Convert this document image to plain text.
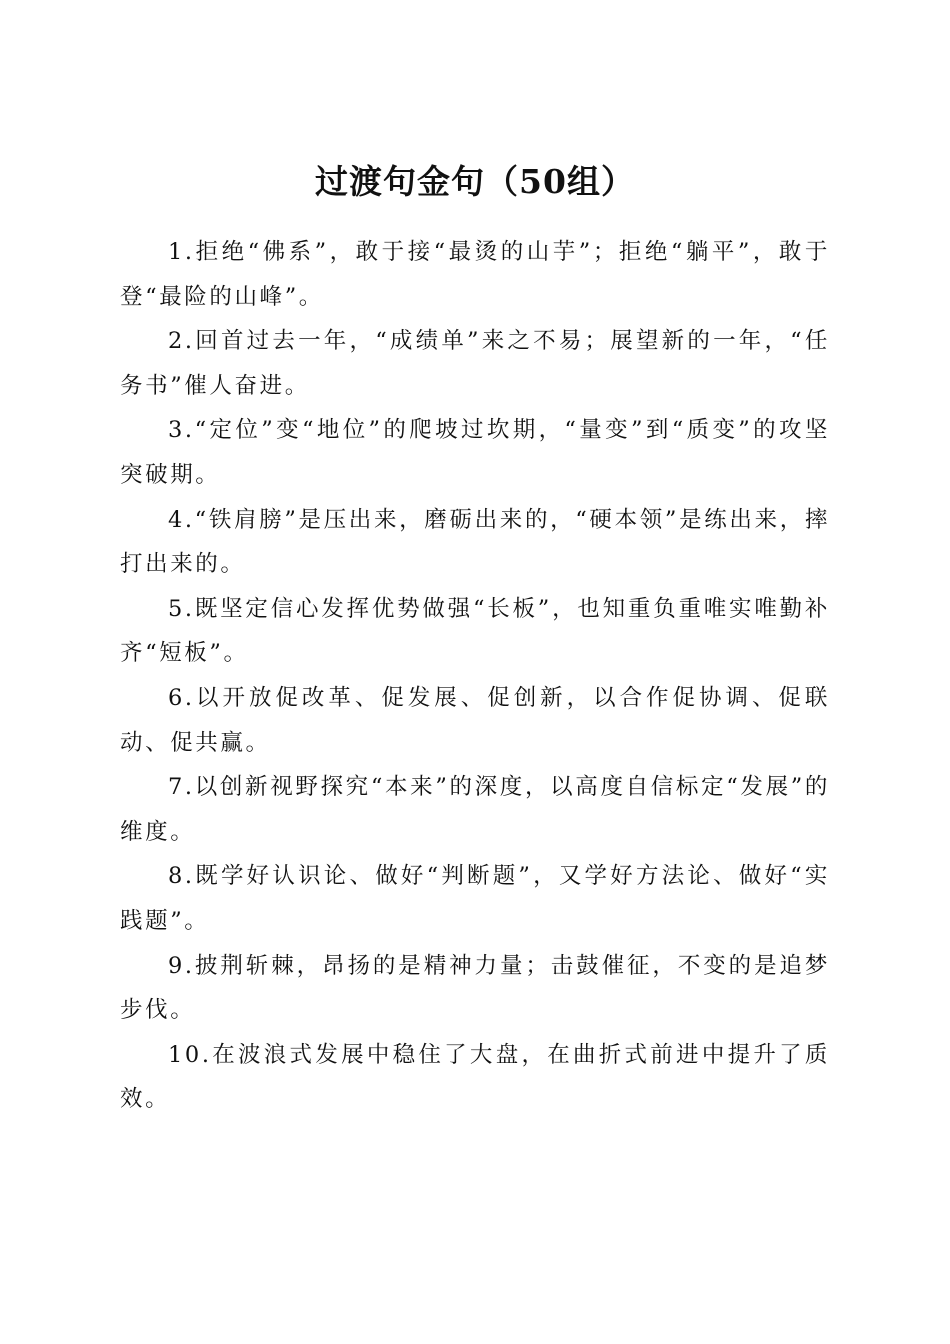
过渡句金句（50组）

1.拒绝“佛系”，敢于接“最烫的山芋”；拒绝“躺平”，敢于登“最险的山峰”。

2.回首过去一年，“成绩单”来之不易；展望新的一年，“任务书”催人奋进。

3.“定位”变“地位”的爬坡过坎期，“量变”到“质变”的攻坚突破期。

4.“铁肩膀”是压出来，磨砺出来的，“硬本领”是练出来，摔打出来的。

5.既坚定信心发挥优势做强“长板”，也知重负重唯实唯勤补齐“短板”。

6.以开放促改革、促发展、促创新，以合作促协调、促联动、促共赢。

7.以创新视野探究“本来”的深度，以高度自信标定“发展”的维度。

8.既学好认识论、做好“判断题”，又学好方法论、做好“实践题”。

9.披荆斩棘，昂扬的是精神力量；击鼓催征，不变的是追梦步伐。

10.在波浪式发展中稳住了大盘，在曲折式前进中提升了质效。
